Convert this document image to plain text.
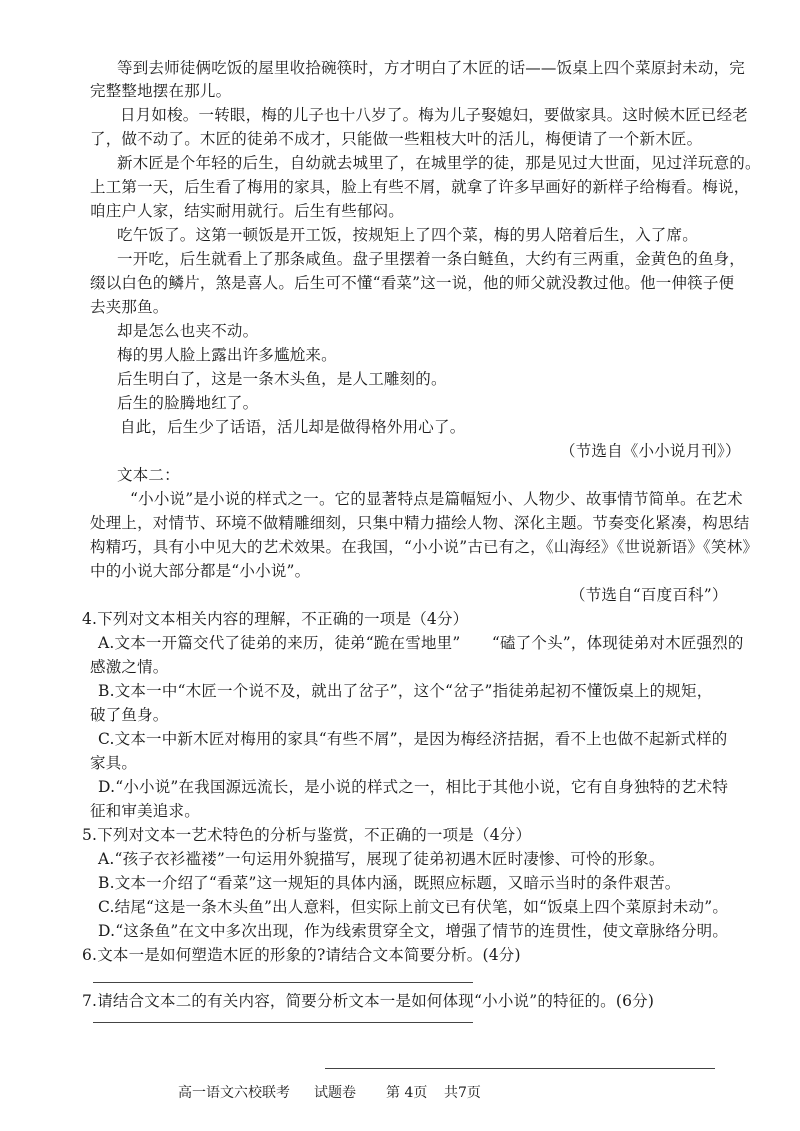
等到去师徒俩吃饭的屋里收拾碗筷时，方才明白了木匠的话——饭桌上四个菜原封未动，完
完整整地摆在那儿。
日月如梭。一转眼，梅的儿子也十八岁了。梅为儿子娶媳妇，要做家具。这时候木匠已经老
了，做不动了。木匠的徒弟不成才，只能做一些粗枝大叶的活儿，梅便请了一个新木匠。
新木匠是个年轻的后生，自幼就去城里了，在城里学的徒，那是见过大世面，见过洋玩意的。
上工第一天，后生看了梅用的家具，脸上有些不屑，就拿了许多早画好的新样子给梅看。梅说，
咱庄户人家，结实耐用就行。后生有些郁闷。
吃午饭了。这第一顿饭是开工饭，按规矩上了四个菜，梅的男人陪着后生，入了席。
一开吃，后生就看上了那条咸鱼。盘子里摆着一条白鲢鱼，大约有三两重，金黄色的鱼身，
缀以白色的鳞片，煞是喜人。后生可不懂“看菜”这一说，他的师父就没教过他。他一伸筷子便
去夹那鱼。
却是怎么也夹不动。
梅的男人脸上露出许多尴尬来。
后生明白了，这是一条木头鱼，是人工雕刻的。
后生的脸腾地红了。
自此，后生少了话语，活儿却是做得格外用心了。
（节选自《小小说月刊》）
文本二：
“小小说”是小说的样式之一。它的显著特点是篇幅短小、人物少、故事情节简单。在艺术
处理上，对情节、环境不做精雕细刻，只集中精力描绘人物、深化主题。节奏变化紧凑，构思结
构精巧，具有小中见大的艺术效果。在我国，“小小说”古已有之，《山海经》《世说新语》《笑林》
中的小说大部分都是“小小说”。
（节选自“百度百科”）
4.下列对文本相关内容的理解，不正确的一项是（4分）
A.文本一开篇交代了徒弟的来历，徒弟“跪在雪地里”　　“磕了个头”，体现徒弟对木匠强烈的
感激之情。
B.文本一中“木匠一个说不及，就出了岔子”，这个“岔子”指徒弟起初不懂饭桌上的规矩，
破了鱼身。
C.文本一中新木匠对梅用的家具“有些不屑”，是因为梅经济拮据，看不上也做不起新式样的
家具。
D.“小小说”在我国源远流长，是小说的样式之一，相比于其他小说，它有自身独特的艺术特
征和审美追求。
5.下列对文本一艺术特色的分析与鉴赏，不正确的一项是（4分）
A.“孩子衣衫褴褛”一句运用外貌描写，展现了徒弟初遇木匠时凄惨、可怜的形象。
B.文本一介绍了“看菜”这一规矩的具体内涵，既照应标题，又暗示当时的条件艰苦。
C.结尾“这是一条木头鱼”出人意料，但实际上前文已有伏笔，如“饭桌上四个菜原封未动”。
D.“这条鱼”在文中多次出现，作为线索贯穿全文，增强了情节的连贯性，使文章脉络分明。
6.文本一是如何塑造木匠的形象的?请结合文本简要分析。(4分)
7.请结合文本二的有关内容，简要分析文本一是如何体现“小小说”的特征的。(6分)
高一语文六校联考 试题卷 第 4页 共7页
